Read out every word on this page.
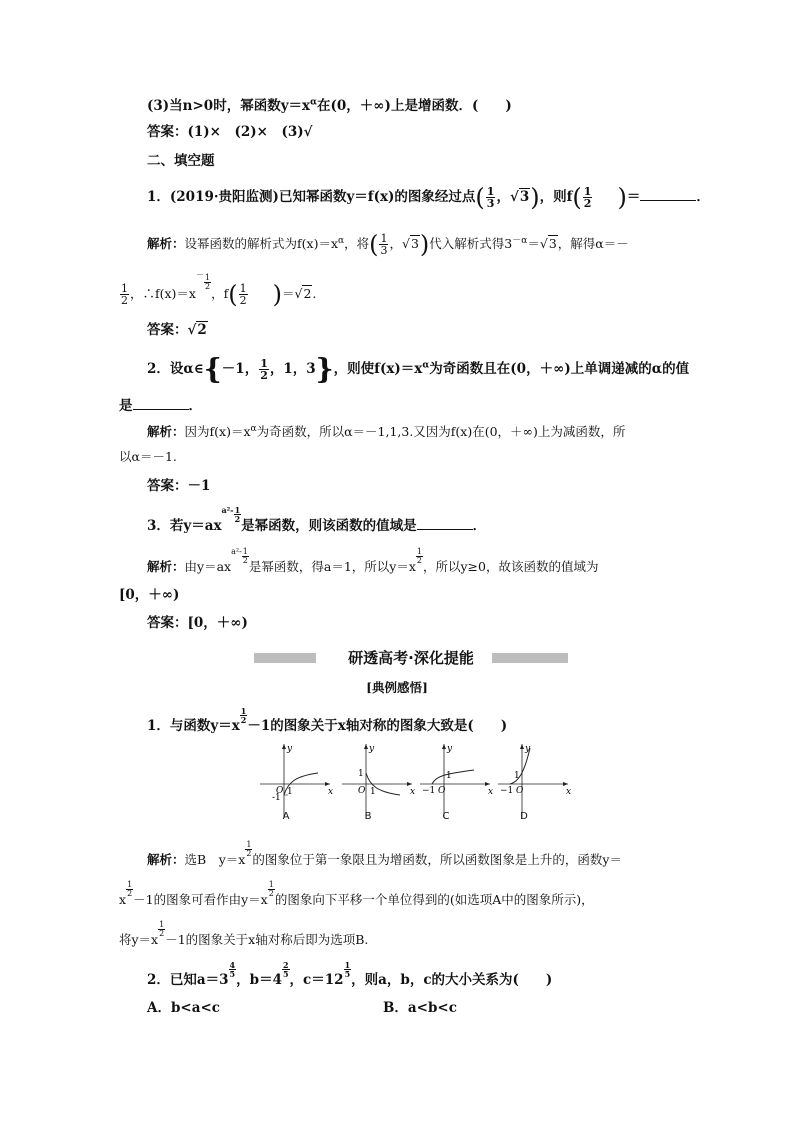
(3)当n>0时，幂函数$y=x^\alpha$在(0，＋∞)上是增函数．(　　)
答案：(1)×　(2)×　(3)√
二、填空题
1．(2019·贵阳监测)已知幂函数y＝f(x)的图象经过点( $\frac{1}{3}$ ，√3)，则$f( \frac{1}{2}$ 　)＝	．
解析：设幂函数的解析式为$f(x)=x^\alpha$，将( $\frac{1}{3}$ ，√3)代入解析式得$3^{-\alpha}=√3$，解得α＝－
$\frac{1}{2}$ ，∴f(x)＝x－ $\frac{1}{2}$
，$f( \frac{1}{2}$ 　)＝√2.
答案：√2
2．设α∈{－1， $\frac{1}{2}$ ，1，3}，则使$f(x)=x^\alpha$为奇函数且在(0，＋∞)上单调递减的α的值
是	．
解析：因为$f(x)=x^\alpha$为奇函数，所以α＝－1,1,3.又因为f(x)在(0，＋∞)上为减函数，所
以α＝－1.
答案：－1
3．若$y=axa^2- \frac{1}{2}$
是幂函数，则该函数的值域是	．
解析：由$y=axa^2- \frac{1}{2}$
是幂函数，得a＝1，所以y＝x
$\frac{1}{2}$
，所以y≥0，故该函数的值域为
[0，＋∞)
答案：[0，＋∞)
研透高考·深化提能
[典例感悟]
1．与函数y＝x
$\frac{1}{2}$
－1的图象关于x轴对称的图象大致是(　　)
y
x
O 1
-1
A
y
x
O
1
1
B
y
x
O
−1
1
C
y
x
O
−1
1
D
解析：选B　y＝x
$\frac{1}{2}$
的图象位于第一象限且为增函数，所以函数图象是上升的，函数y＝
x
$\frac{1}{2}$
－1的图象可看作由y＝x
$\frac{1}{2}$
的图象向下平移一个单位得到的(如选项A中的图象所示)，
将y＝x
$\frac{1}{2}$
－1的图象关于x轴对称后即为选项B.
2．已知a＝3
$\frac{4}{5}$
，b＝4
$\frac{2}{5}$
，c＝12
$\frac{1}{5}$
，则a，b，c的大小关系为(　　)
A．b<a<c	B．a<b<c
